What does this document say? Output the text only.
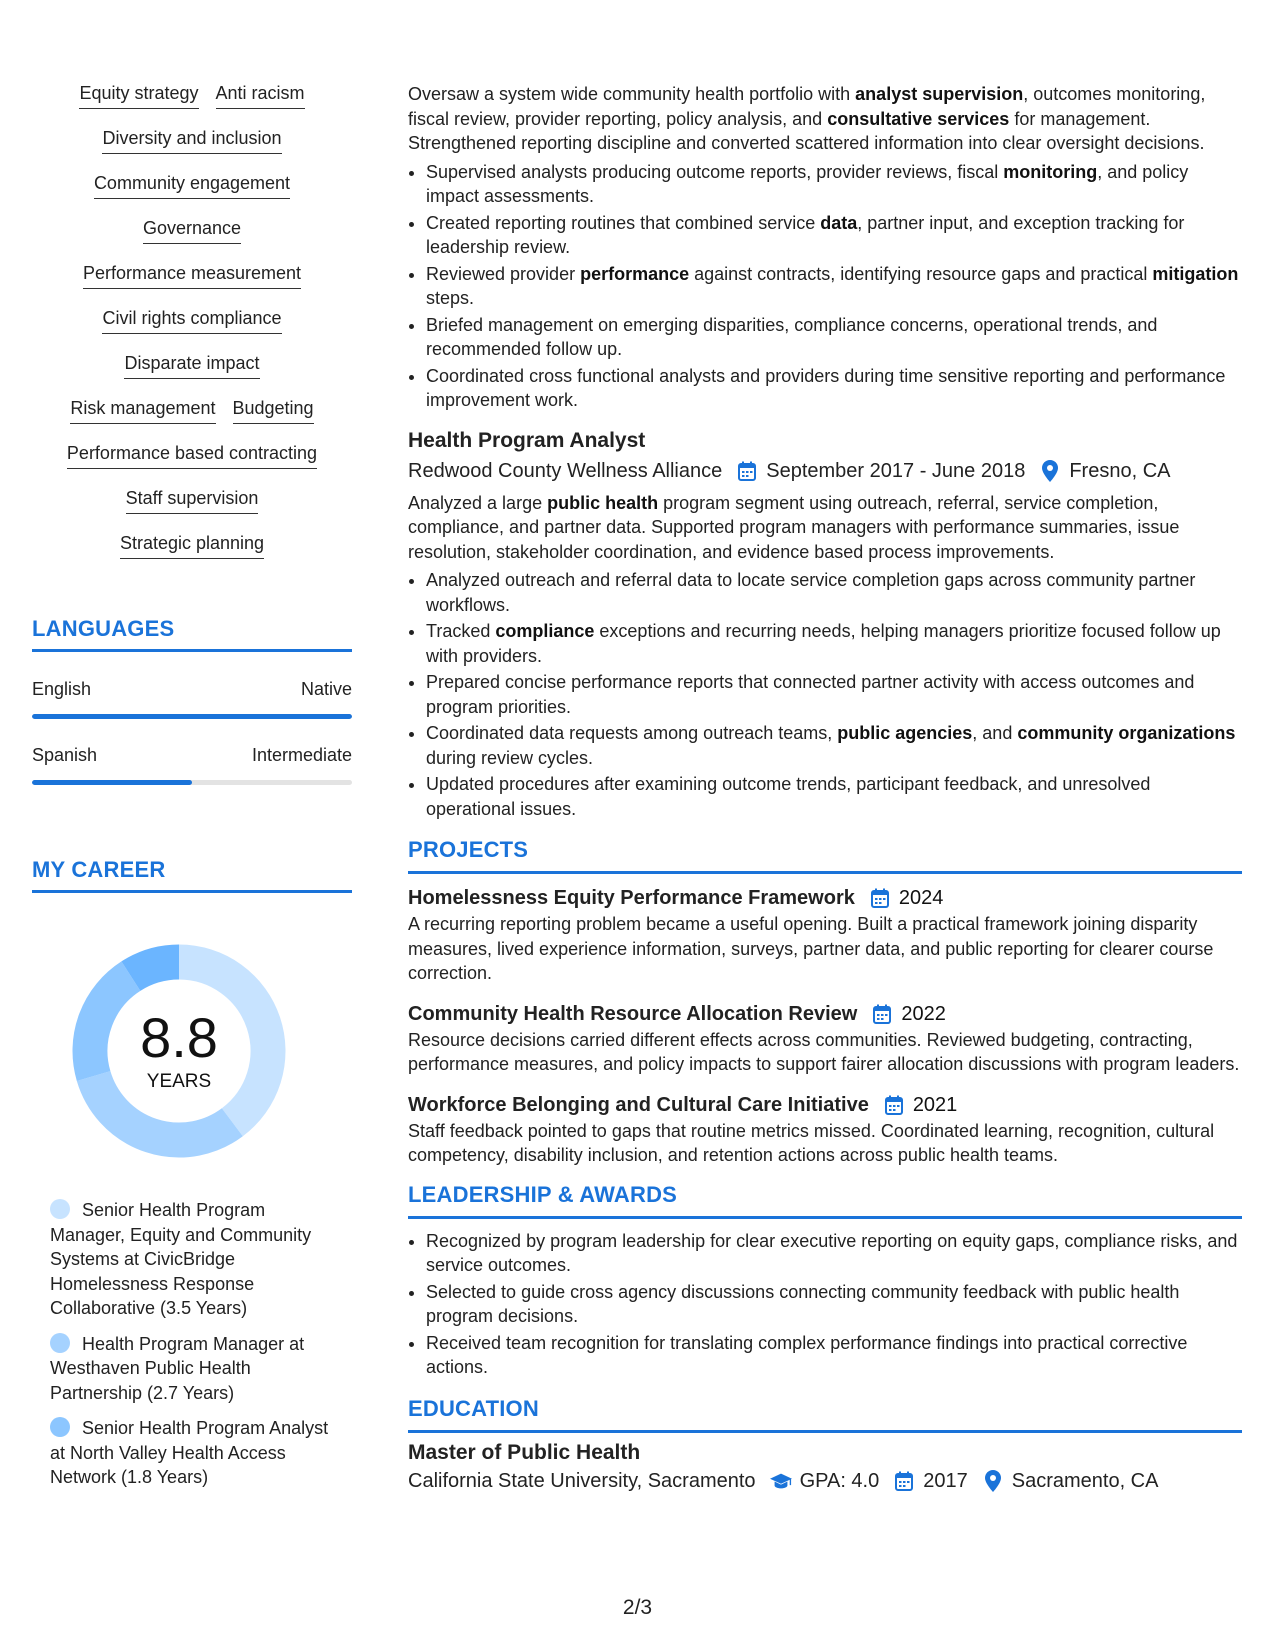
Equity strategy Anti racism
Diversity and inclusion
Community engagement
Governance
Performance measurement
Civil rights compliance
Disparate impact
Risk management Budgeting
Performance based contracting
Staff supervision
Strategic planning
LANGUAGES
English	Native
Spanish	Intermediate
MY CAREER
8.8
YEARS
Senior Health Program Manager, Equity and Community Systems at CivicBridge Homelessness Response Collaborative (3.5 Years)
Health Program Manager at Westhaven Public Health Partnership (2.7 Years)
Senior Health Program Analyst at North Valley Health Access Network (1.8 Years)

Oversaw a system wide community health portfolio with analyst supervision, outcomes monitoring, fiscal review, provider reporting, policy analysis, and consultative services for management. Strengthened reporting discipline and converted scattered information into clear oversight decisions.

• Supervised analysts producing outcome reports, provider reviews, fiscal monitoring, and policy impact assessments.
• Created reporting routines that combined service data, partner input, and exception tracking for leadership review.
• Reviewed provider performance against contracts, identifying resource gaps and practical mitigation steps.
• Briefed management on emerging disparities, compliance concerns, operational trends, and recommended follow up.
• Coordinated cross functional analysts and providers during time sensitive reporting and performance improvement work.
Health Program Analyst
Redwood County Wellness Alliance September 2017 - June 2018 Fresno, CA

Analyzed a large public health program segment using outreach, referral, service completion, compliance, and partner data. Supported program managers with performance summaries, issue resolution, stakeholder coordination, and evidence based process improvements.

• Analyzed outreach and referral data to locate service completion gaps across community partner workflows.
• Tracked compliance exceptions and recurring needs, helping managers prioritize focused follow up with providers.
• Prepared concise performance reports that connected partner activity with access outcomes and program priorities.
• Coordinated data requests among outreach teams, public agencies, and community organizations during review cycles.
• Updated procedures after examining outcome trends, participant feedback, and unresolved operational issues.
PROJECTS
Homelessness Equity Performance Framework 2024

A recurring reporting problem became a useful opening. Built a practical framework joining disparity measures, lived experience information, surveys, partner data, and public reporting for clearer course correction.

Community Health Resource Allocation Review 2022

Resource decisions carried different effects across communities. Reviewed budgeting, contracting, performance measures, and policy impacts to support fairer allocation discussions with program leaders.

Workforce Belonging and Cultural Care Initiative 2021

Staff feedback pointed to gaps that routine metrics missed. Coordinated learning, recognition, cultural competency, disability inclusion, and retention actions across public health teams.

LEADERSHIP & AWARDS
• Recognized by program leadership for clear executive reporting on equity gaps, compliance risks, and service outcomes.
• Selected to guide cross agency discussions connecting community feedback with public health program decisions.
• Received team recognition for translating complex performance findings into practical corrective actions.
EDUCATION
Master of Public Health
California State University, Sacramento GPA: 4.0 2017 Sacramento, CA
2/3
